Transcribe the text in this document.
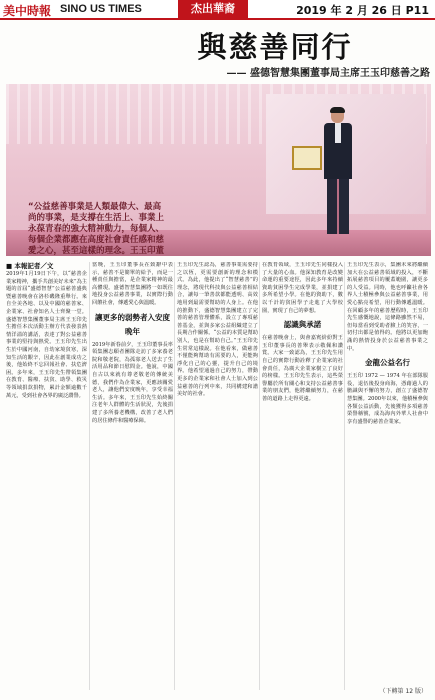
美中時報 SINO US TIMES	杰出華裔	2019 年 2 月 26 日 P11
與慈善同行
—— 盛德智慧集團董事局主席王玉印慈善之路
“公益慈善事業是人類最偉大、最高尚的事業，是支撐在生活上、事業上永葆青春的強大精神動力，每個人、每個企業都應在高度社會責任感和慈愛之心，甚至這樣的理念。王玉印董
■ 本報記者／文
2019年1月19日下午，以“慈善企業家精神，攜手共創美好未來”為主題的首屆“盛德智慧”公益慈善盛典暨慈善晚會在洛杉磯隆重舉行。來自全美各地、以及中國的慈善家、企業家、社會知名人士齊聚一堂。盛德智慧集團董事局主席王玉印先生擔任本次活動主辦方代表發表熱情洋溢的講話，表達了對公益慈善事業的堅持與熱愛。王玉印先生出生於中國河南，自幼家境貧寒，深知生活的艱辛，因此在創業成功之後，他始終不忘回報社會、扶危濟困。多年來，王玉印先生帶領集團在教育、醫療、扶貧、助學、救災等領域捐款捐物，累計金額逾數千萬元，受到社會各界的廣泛讚譽。
當晚，王玉印董事長在致辭中表示，慈善不是簡單的給予，而是一種責任與擔當，是企業家精神的最高體現。盛德智慧集團將一如既往地投身公益慈善事業，以實際行動回饋社會，傳遞愛心與溫暖。
讓更多的弱勢者入安度晚年
2019年新春前夕，王玉印董事長率領集團志願者團隊走訪了多家養老院和敬老院，為孤寡老人送去了生活用品和節日慰問金。他說，中國自古以來就有尊老敬老的傳統美德，我們作為企業家，更應該關愛老人，讓他們安度晚年，享受幸福生活。多年來，王玉印先生始終關注老年人群體的生活狀況，先後捐建了多所養老機構，改善了老人們的居住條件和醫療保障。
王玉印先生認為，慈善事業需要持之以恆，更需要創新的理念和模式。為此，他提出了“智慧慈善”的理念，將現代科技與公益慈善相結合，讓每一筆善款都能透明、高效地用到最需要幫助的人身上。在他的推動下，盛德智慧集團建立了完善的慈善管理體系，設立了專項慈善基金，並與多家公益組織建立了長期合作關係。“公益的本質是幫助別人，也是在幫助自己。”王玉印先生常常這樣說。在他看來，做慈善不僅能夠幫助有需要的人，更能夠淨化自己的心靈，提升自己的境界。他希望通過自己的努力，帶動更多的企業家和社會人士加入到公益慈善的行列中來，共同構建和諧美好的社會。
在教育領域，王玉印先生同樣投入了大量的心血。他深知教育是改變命運的重要途徑，因此多年來持續資助貧困學生完成學業，並捐建了多所希望小學。在他的資助下，數以千計的貧困學子走進了大學校園，實現了自己的夢想。
認識與承諾
在慈善晚會上，與會嘉賓紛紛對王玉印董事長的善舉表示敬佩和讚賞。大家一致認為，王玉印先生用自己的實際行動詮釋了企業家的社會責任，為廣大企業家樹立了良好的榜樣。王玉印先生表示，這些榮譽屬於所有關心和支持公益慈善事業的朋友們，他將繼續努力，在慈善的道路上走得更遠。
王玉印先生表示，集團未來將繼續加大在公益慈善領域的投入，不斷拓展慈善項目的覆蓋範圍，讓更多的人受益。同時，他也呼籲社會各界人士積極參與公益慈善事業，用愛心點亮希望，用行動傳遞溫暖。在回顧多年的慈善歷程時，王玉印先生感慨地說，這條路雖然不易，但每當看到受助者臉上的笑容，一切付出都是值得的。他將以更加飽滿的熱情投身於公益慈善事業之中。
金龍公益名行
王玉印 1972 — 1974 年在部隊服役，退伍後投身商海，憑藉過人的膽識與不懈的努力，創立了盛德智慧集團。2000年以來，他積極參與各類公益活動，先後獲得多項慈善榮譽稱號，成為海內外華人社會中享有盛譽的慈善企業家。
（下轉第 12 版）
